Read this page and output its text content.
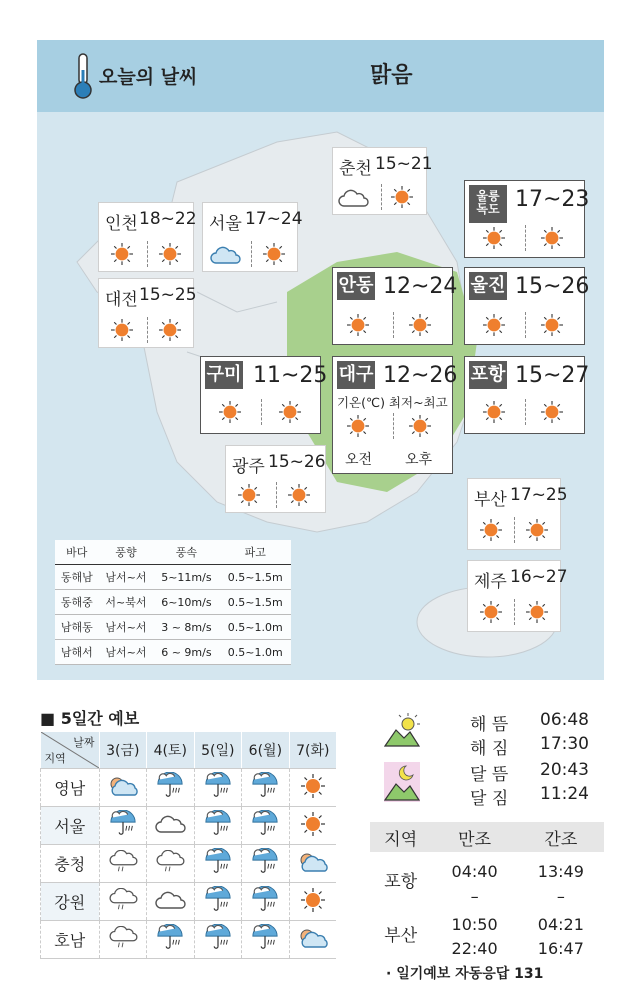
오늘의 날씨	맑음
춘천 15~21
인천 18~22 서울 17~24
대전 15~25
울릉
독도 17~23
안동 12~24 울진 15~26
구미 11~25 대구 12~26
기온(℃) 최저~최고
오전 오후
포항 15~27
광주 15~26
부산 17~25
제주 16~27
바다	풍향	풍속	파고
동해남	남서~서	5~11m/s	0.5~1.5m
동해중	서~북서	6~10m/s	0.5~1.5m
남해동	남서~서	3 ~ 8m/s	0.5~1.0m
남해서	남서~서	6 ~ 9m/s	0.5~1.0m
■ 5일간 예보
날짜
지역	3(금)	4(토)	5(일)	6(월)	7(화)
영남					
서울					
충청					
강원					
호남					
해 뜸 06:48
해 짐 17:30
달 뜸 20:43
달 짐 11:24
지역	만조	간조
포항	04:40	13:49
	–	–
부산	10:50	04:21
	22:40	16:47
· 일기예보 자동응답 131
